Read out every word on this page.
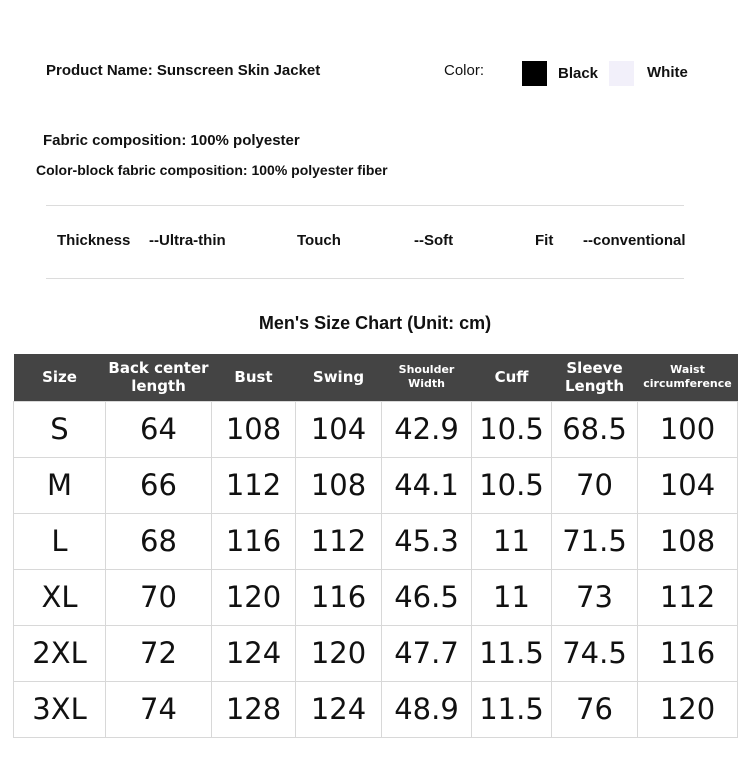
Product Name: Sunscreen Skin Jacket	Color:	Black	White
Fabric composition: 100% polyester
Color-block fabric composition: 100% polyester fiber
Thickness --Ultra-thin	Touch	--Soft	Fit --conventional
Men's Size Chart (Unit: cm)
Size	Back center length	Bust	Swing	Shoulder Width	Cuff	Sleeve Length	Waist circumference
S	64	108	104	42.9	10.5	68.5	100
M	66	112	108	44.1	10.5	70	104
L	68	116	112	45.3	11	71.5	108
XL	70	120	116	46.5	11	73	112
2XL	72	124	120	47.7	11.5	74.5	116
3XL	74	128	124	48.9	11.5	76	120
